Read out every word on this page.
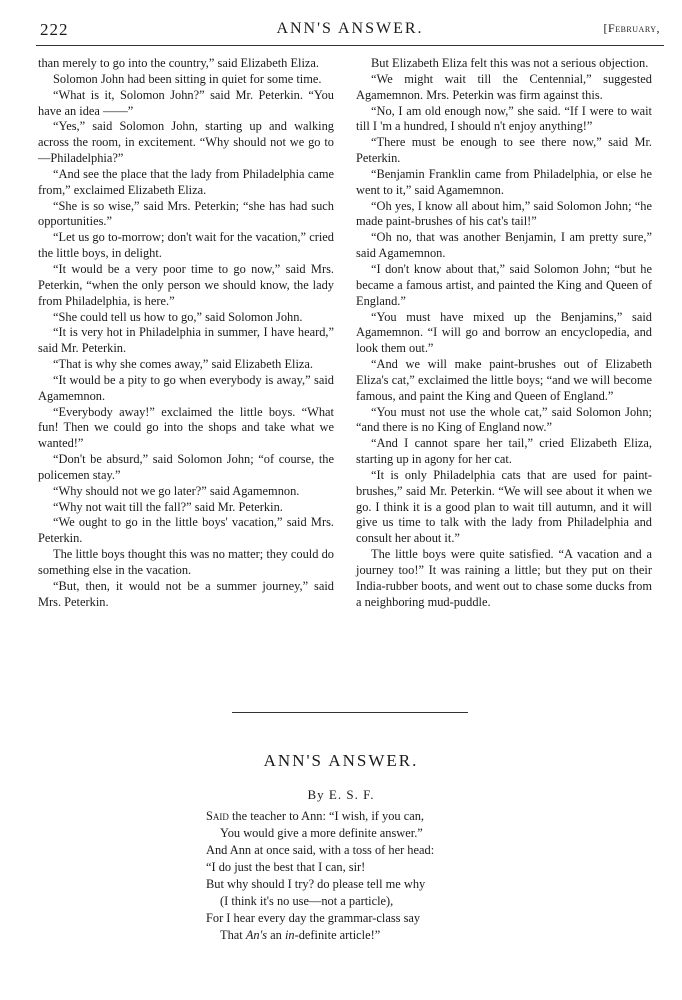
222	ANN'S ANSWER.	[February,

than merely to go into the country,” said Elizabeth Eliza.

Solomon John had been sitting in quiet for some time.

“What is it, Solomon John?” said Mr. Peterkin. “You have an idea ——”

“Yes,” said Solomon John, starting up and walking across the room, in excitement. “Why should not we go to—Philadelphia?”

“And see the place that the lady from Philadelphia came from,” exclaimed Elizabeth Eliza.

“She is so wise,” said Mrs. Peterkin; “she has had such opportunities.”

“Let us go to-morrow; don't wait for the vacation,” cried the little boys, in delight.

“It would be a very poor time to go now,” said Mrs. Peterkin, “when the only person we should know, the lady from Philadelphia, is here.”

“She could tell us how to go,” said Solomon John.

“It is very hot in Philadelphia in summer, I have heard,” said Mr. Peterkin.

“That is why she comes away,” said Elizabeth Eliza.

“It would be a pity to go when everybody is away,” said Agamemnon.

“Everybody away!” exclaimed the little boys. “What fun! Then we could go into the shops and take what we wanted!”

“Don't be absurd,” said Solomon John; “of course, the policemen stay.”

“Why should not we go later?” said Agamemnon.

“Why not wait till the fall?” said Mr. Peterkin.

“We ought to go in the little boys' vacation,” said Mrs. Peterkin.

The little boys thought this was no matter; they could do something else in the vacation.

“But, then, it would not be a summer journey,” said Mrs. Peterkin.

But Elizabeth Eliza felt this was not a serious objection.

“We might wait till the Centennial,” suggested Agamemnon. Mrs. Peterkin was firm against this.

“No, I am old enough now,” she said. “If I were to wait till I 'm a hundred, I should n't enjoy anything!”

“There must be enough to see there now,” said Mr. Peterkin.

“Benjamin Franklin came from Philadelphia, or else he went to it,” said Agamemnon.

“Oh yes, I know all about him,” said Solomon John; “he made paint-brushes of his cat's tail!”

“Oh no, that was another Benjamin, I am pretty sure,” said Agamemnon.

“I don't know about that,” said Solomon John; “but he became a famous artist, and painted the King and Queen of England.”

“You must have mixed up the Benjamins,” said Agamemnon. “I will go and borrow an encyclopedia, and look them out.”

“And we will make paint-brushes out of Elizabeth Eliza's cat,” exclaimed the little boys; “and we will become famous, and paint the King and Queen of England.”

“You must not use the whole cat,” said Solomon John; “and there is no King of England now.”

“And I cannot spare her tail,” cried Elizabeth Eliza, starting up in agony for her cat.

“It is only Philadelphia cats that are used for paint-brushes,” said Mr. Peterkin. “We will see about it when we go. I think it is a good plan to wait till autumn, and it will give us time to talk with the lady from Philadelphia and consult her about it.”

The little boys were quite satisfied. “A vacation and a journey too!” It was raining a little; but they put on their India-rubber boots, and went out to chase some ducks from a neighboring mud-puddle.

ANN'S ANSWER.
By E. S. F.
Said the teacher to Ann: “I wish, if you can,
You would give a more definite answer.”
And Ann at once said, with a toss of her head:
“I do just the best that I can, sir!
But why should I try? do please tell me why
(I think it's no use—not a particle),
For I hear every day the grammar-class say
That An's an in-definite article!”
